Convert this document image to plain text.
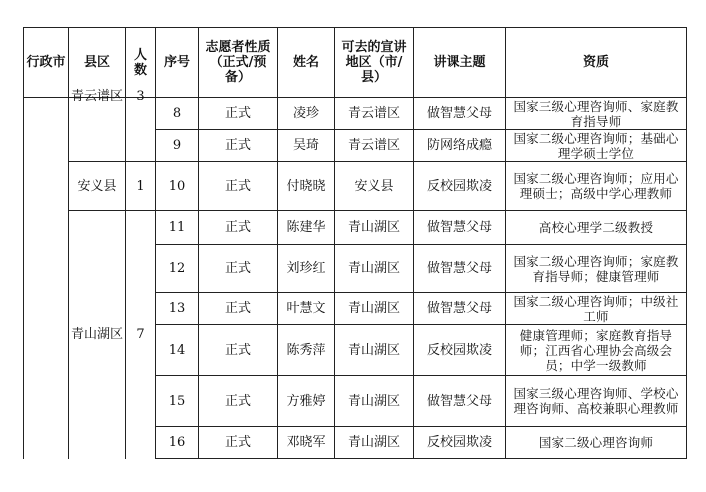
行政市	县区	人数	序号	志愿者性质（正式/预备）	姓名	可去的宣讲地区（市/县）	讲课主题	资质

	青云谱区	3	8	正式	凌珍	青云谱区	做智慧父母	国家三级心理咨询师、家庭教育指导师
			9	正式	吴琦	青云谱区	防网络成瘾	国家二级心理咨询师；基础心理学硕士学位
	安义县	1	10	正式	付晓晓	安义县	反校园欺凌	国家二级心理咨询师；应用心理硕士；高级中学心理教师
	青山湖区	7	11	正式	陈建华	青山湖区	做智慧父母	高校心理学二级教授
			12	正式	刘珍红	青山湖区	做智慧父母	国家二级心理咨询师；家庭教育指导师；健康管理师
			13	正式	叶慧文	青山湖区	做智慧父母	国家二级心理咨询师；中级社工师
			14	正式	陈秀萍	青山湖区	反校园欺凌	健康管理师；家庭教育指导师；江西省心理协会高级会员；中学一级教师
			15	正式	方雅婷	青山湖区	做智慧父母	国家三级心理咨询师、学校心理咨询师、高校兼职心理教师
			16	正式	邓晓军	青山湖区	反校园欺凌	国家二级心理咨询师
